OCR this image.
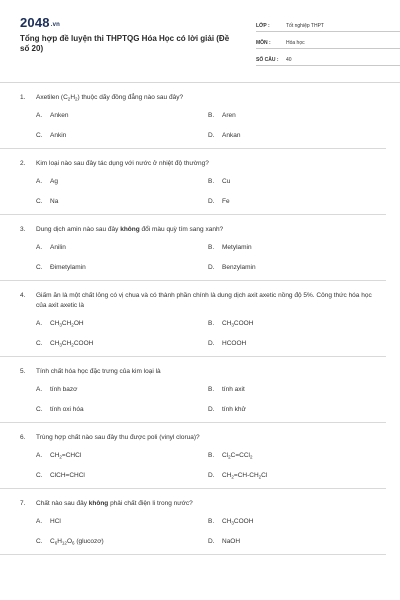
2048.vn
Tổng hợp đề luyện thi THPTQG Hóa Học có lời giải (Đề số 20)
LỚP :	Tốt nghiệp THPT
MÔN :	Hóa học
SỐ CÂU :	40
1.	Axetilen $(C_2H_2)$ thuộc dãy đồng đẳng nào sau đây?
A.	Anken	B.	Aren
C.	Ankin	D.	Ankan
2.	Kim loại nào sau đây tác dụng với nước ở nhiệt độ thường?
A.	Ag	B.	Cu
C.	Na	D.	Fe
3.	Dung dịch amin nào sau đây không đổi màu quỳ tím sang xanh?
A.	Anilin	B.	Metylamin
C.	Đimetylamin	D.	Benzylamin
4.	Giấm ăn là một chất lỏng có vị chua và có thành phần chính là dung dịch axit axetic nồng độ 5%. Công thức hóa học của axit axetic là
A.	$CH_3CH_2OH$	B.	$CH_3COOH$
C.	$CH_3CH_2COOH$	D.	HCOOH
5.	Tính chất hóa học đặc trưng của kim loại là
A.	tính bazơ	B.	tính axit
C.	tính oxi hóa	D.	tính khử
6.	Trùng hợp chất nào sau đây thu được poli (vinyl clorua)?
A.	$CH_2=CHCl$	B.	$Cl_2C=CCl_2$
C.	ClCH=CHCl	D.	$CH_2=CH-CH_2Cl$
7.	Chất nào sau đây không phải chất điện li trong nước?
A.	HCl	B.	$CH_3COOH$
C.	$C_6H_{12}O_6$ (glucozơ)	D.	NaOH
